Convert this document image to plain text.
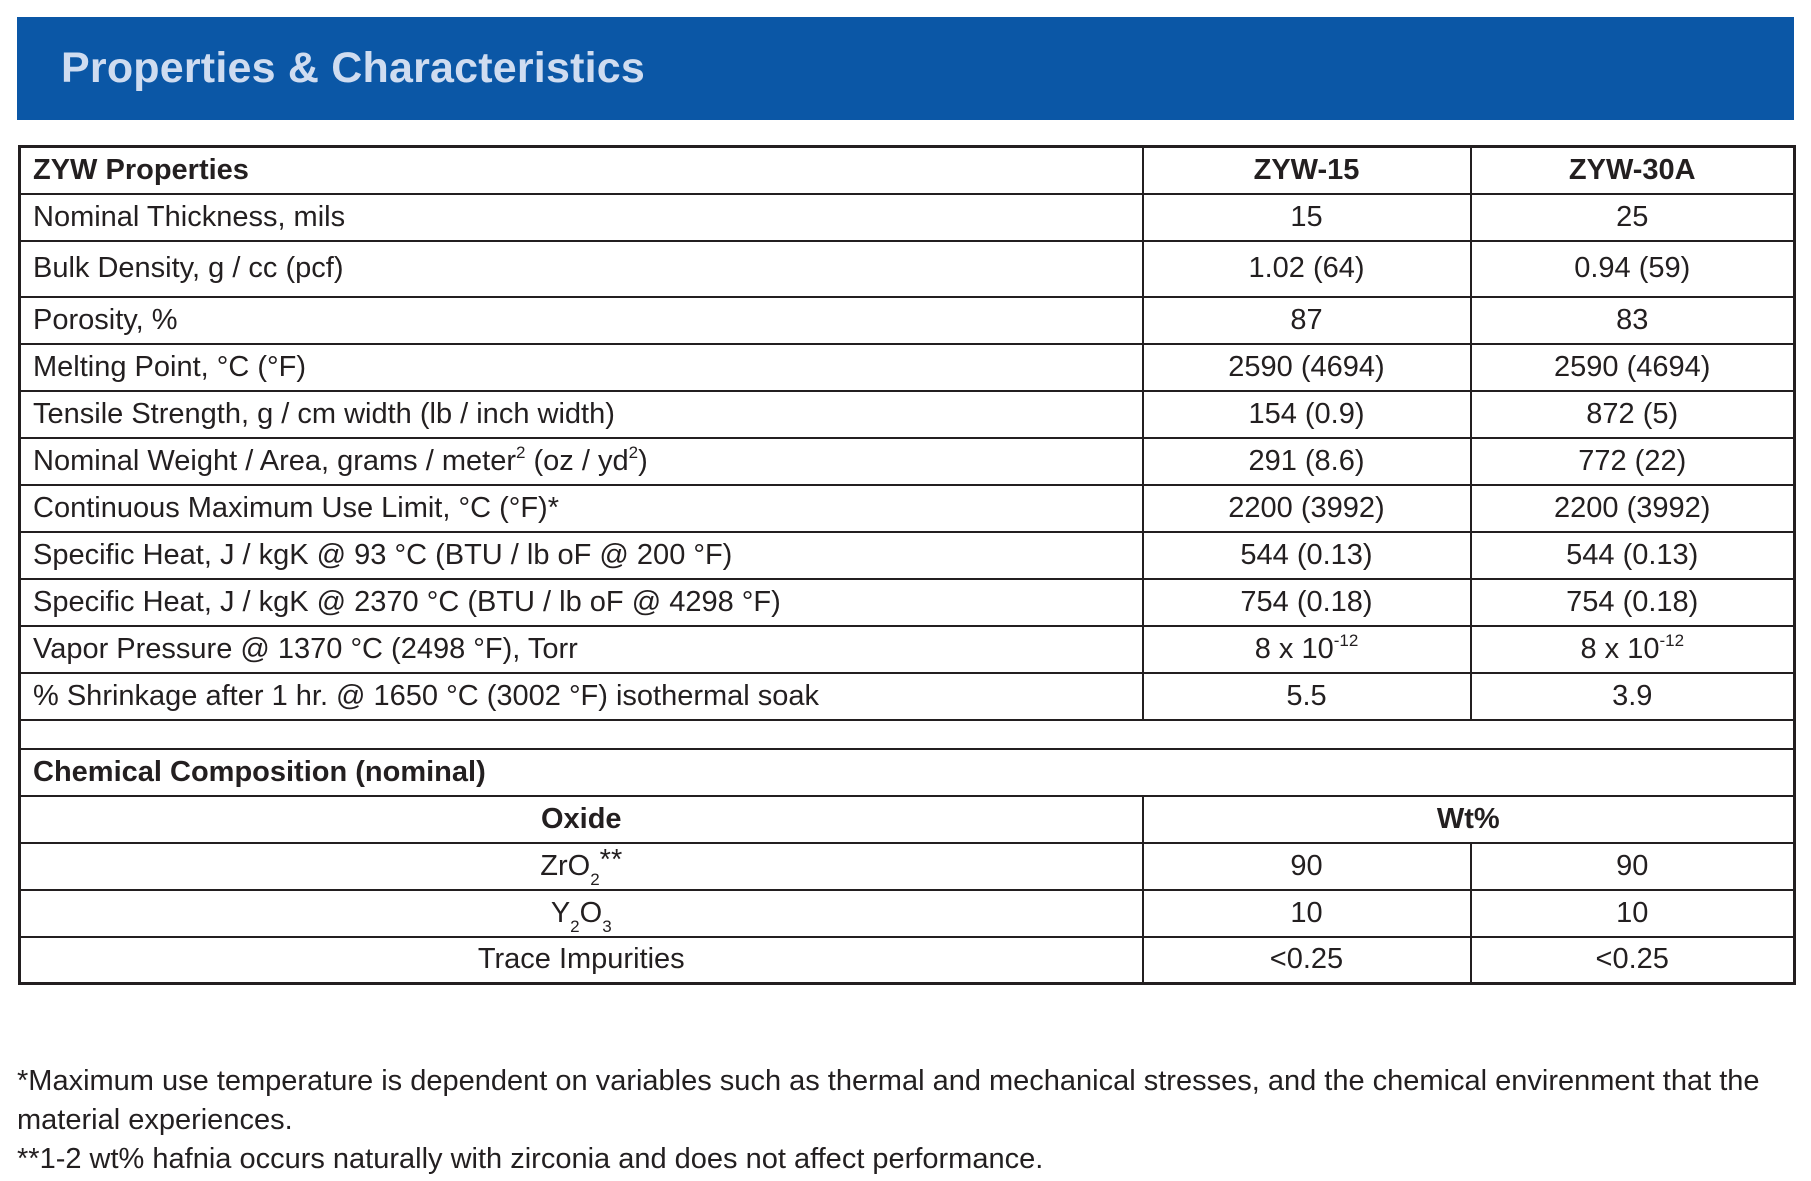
Properties & Characteristics
ZYW Properties	ZYW-15	ZYW-30A
Nominal Thickness, mils	15	25
Bulk Density, g / cc (pcf)	1.02 (64)	0.94 (59)
Porosity, %	87	83
Melting Point, °C (°F)	2590 (4694)	2590 (4694)
Tensile Strength, g / cm width (lb / inch width)	154 (0.9)	872 (5)
Nominal Weight / Area, grams / meter$^2$ $(oz / yd^2)$	291 (8.6)	772 (22)
Continuous Maximum Use Limit, °C (°F)*	2200 (3992)	2200 (3992)
Specific Heat, J / kgK @ 93 °C (BTU / lb oF @ 200 °F)	544 (0.13)	544 (0.13)
Specific Heat, J / kgK @ 2370 °C (BTU / lb oF @ 4298 °F)	754 (0.18)	754 (0.18)
Vapor Pressure @ 1370 °C (2498 °F), Torr	8 x $10^{-12}$	8 x $10^{-12}$
% Shrinkage after 1 hr. @ 1650 °C (3002 °F) isothermal soak	5.5	3.9

Chemical Composition (nominal)		
Oxide	Wt%	
ZrO$_2$**	90	90
$Y_2O_3$	10	10
Trace Impurities	<0.25	<0.25

*Maximum use temperature is dependent on variables such as thermal and mechanical stresses, and the chemical envirenment that the material experiences.

**1-2 wt% hafnia occurs naturally with zirconia and does not affect performance.
